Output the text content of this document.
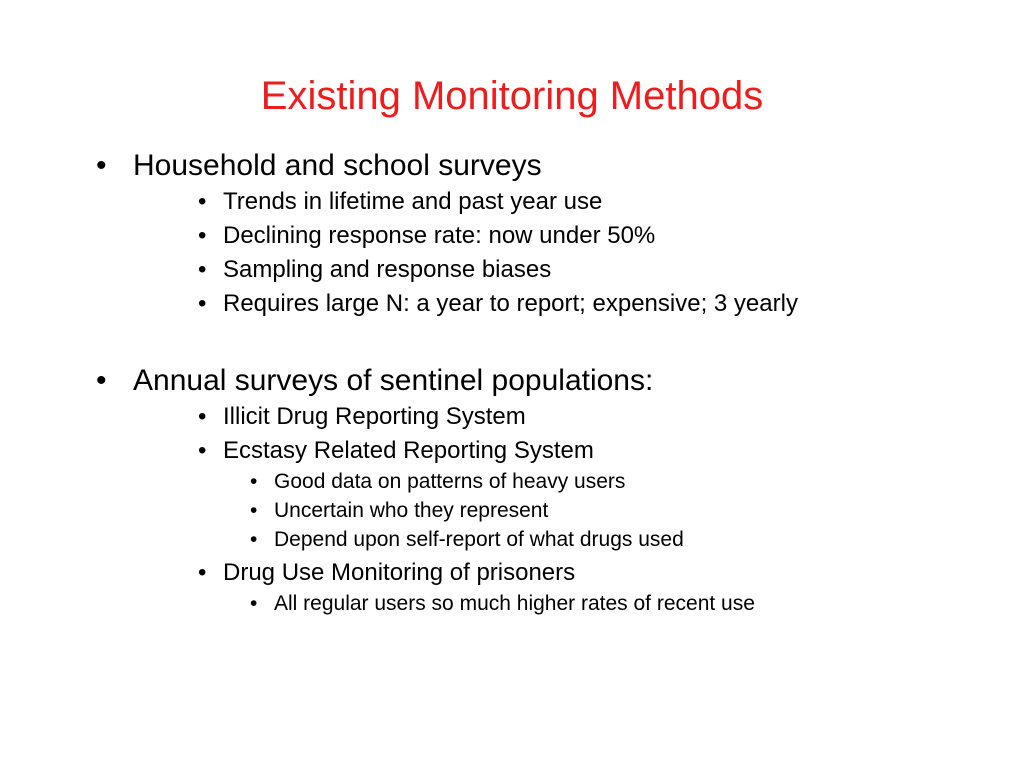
Existing Monitoring Methods
• Household and school surveys
• Trends in lifetime and past year use
• Declining response rate: now under 50%
• Sampling and response biases
• Requires large N: a year to report; expensive; 3 yearly
• Annual surveys of sentinel populations:
• Illicit Drug Reporting System
• Ecstasy Related Reporting System
• Good data on patterns of heavy users
• Uncertain who they represent
• Depend upon self-report of what drugs used
• Drug Use Monitoring of prisoners
• All regular users so much higher rates of recent use
